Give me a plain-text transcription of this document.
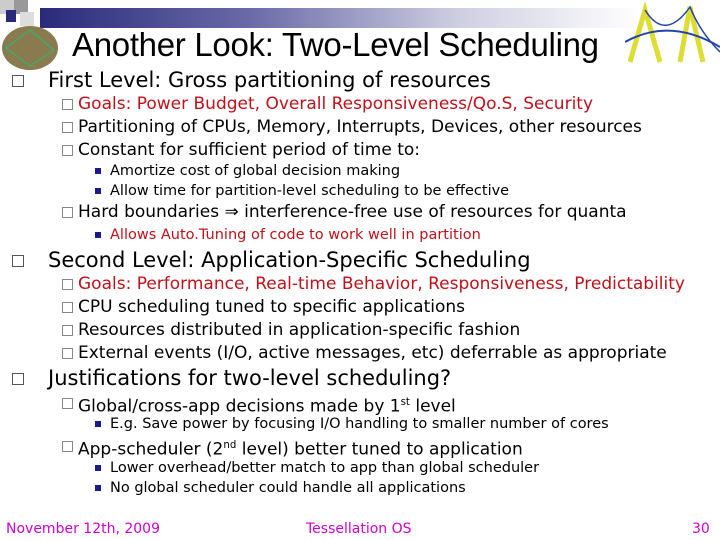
Another Look: Two-Level Scheduling
First Level: Gross partitioning of resources
Goals: Power Budget, Overall Responsiveness/Qo.S, Security
Partitioning of CPUs, Memory, Interrupts, Devices, other resources
Constant for sufficient period of time to:
Amortize cost of global decision making
Allow time for partition-level scheduling to be effective
Hard boundaries ⇒ interference-free use of resources for quanta
Allows Auto.Tuning of code to work well in partition
Second Level: Application-Specific Scheduling
Goals: Performance, Real-time Behavior, Responsiveness, Predictability
CPU scheduling tuned to specific applications
Resources distributed in application-specific fashion
External events (I/O, active messages, etc) deferrable as appropriate
Justifications for two-level scheduling?
Global/cross-app decisions made by 1st level
E.g. Save power by focusing I/O handling to smaller number of cores
App-scheduler (2nd level) better tuned to application
Lower overhead/better match to app than global scheduler
No global scheduler could handle all applications
November 12th, 2009	Tessellation OS	30
